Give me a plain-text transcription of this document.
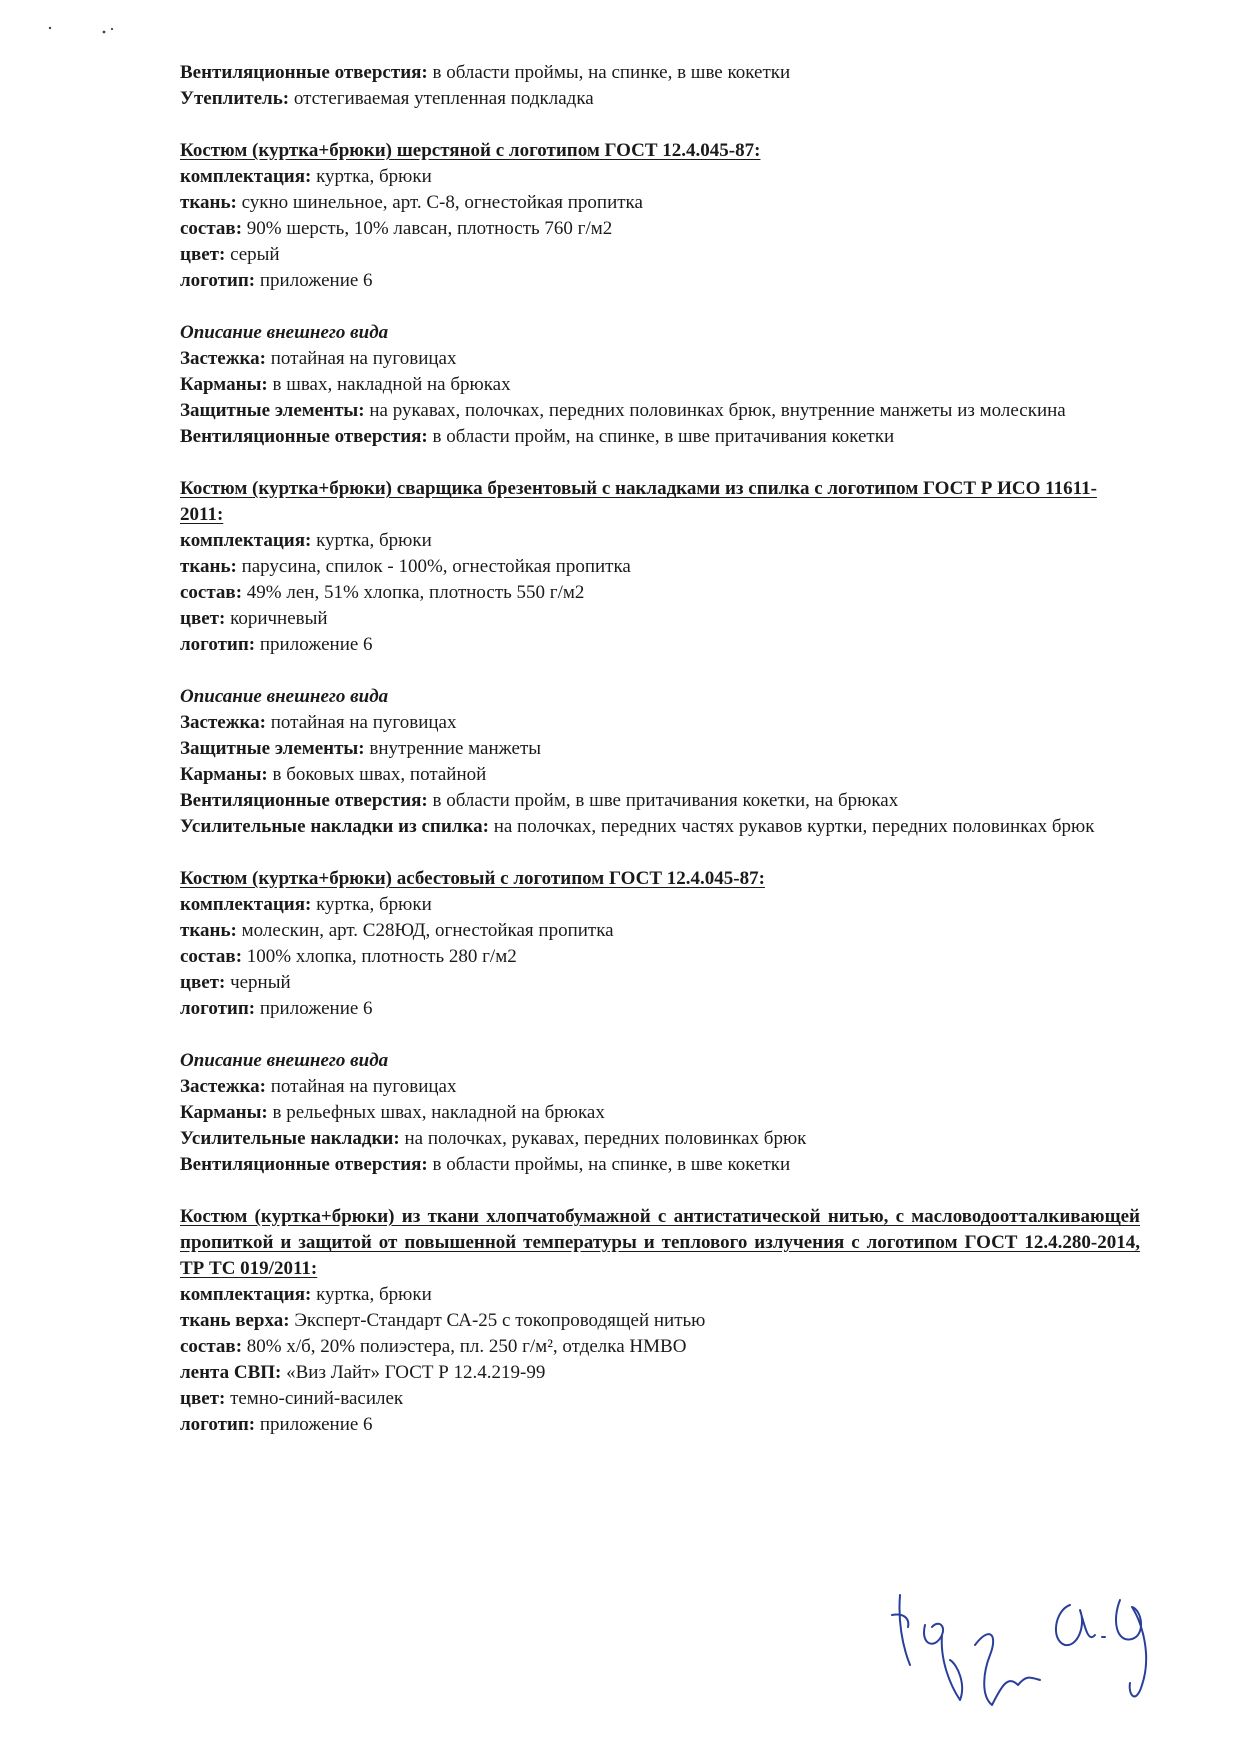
Вентиляционные отверстия: в области проймы, на спинке, в шве кокетки

Утеплитель: отстегиваемая утепленная подкладка

Костюм (куртка+брюки) шерстяной с логотипом ГОСТ 12.4.045-87:

комплектация: куртка, брюки

ткань: сукно шинельное, арт. С-8, огнестойкая пропитка

состав: 90% шерсть, 10% лавсан, плотность 760 г/м2

цвет: серый

логотип: приложение 6

Описание внешнего вида

Застежка: потайная на пуговицах

Карманы: в швах, накладной на брюках

Защитные элементы: на рукавах, полочках, передних половинках брюк, внутренние манжеты из молескина

Вентиляционные отверстия: в области пройм, на спинке, в шве притачивания кокетки

Костюм (куртка+брюки) сварщика брезентовый с накладками из спилка с логотипом ГОСТ Р ИСО 11611-2011:

комплектация: куртка, брюки

ткань: парусина, спилок - 100%, огнестойкая пропитка

состав: 49% лен, 51% хлопка, плотность 550 г/м2

цвет: коричневый

логотип: приложение 6

Описание внешнего вида

Застежка: потайная на пуговицах

Защитные элементы: внутренние манжеты

Карманы: в боковых швах, потайной

Вентиляционные отверстия: в области пройм, в шве притачивания кокетки, на брюках

Усилительные накладки из спилка: на полочках, передних частях рукавов куртки, передних половинках брюк

Костюм (куртка+брюки) асбестовый с логотипом ГОСТ 12.4.045-87:

комплектация: куртка, брюки

ткань: молескин, арт. С28ЮД, огнестойкая пропитка

состав: 100% хлопка, плотность 280 г/м2

цвет: черный

логотип: приложение 6

Описание внешнего вида

Застежка: потайная на пуговицах

Карманы: в рельефных швах, накладной на брюках

Усилительные накладки: на полочках, рукавах, передних половинках брюк

Вентиляционные отверстия: в области проймы, на спинке, в шве кокетки

Костюм (куртка+брюки) из ткани хлопчатобумажной с антистатической нитью, с масловодоотталкивающей пропиткой и защитой от повышенной температуры и теплового излучения с логотипом ГОСТ 12.4.280-2014, ТР ТС 019/2011:

комплектация: куртка, брюки

ткань верха: Эксперт-Стандарт СА-25 с токопроводящей нитью

состав: 80% х/б, 20% полиэстера, пл. 250 г/м², отделка НМВО

лента СВП: «Виз Лайт» ГОСТ Р 12.4.219-99

цвет: темно-синий-василек

логотип: приложение 6
